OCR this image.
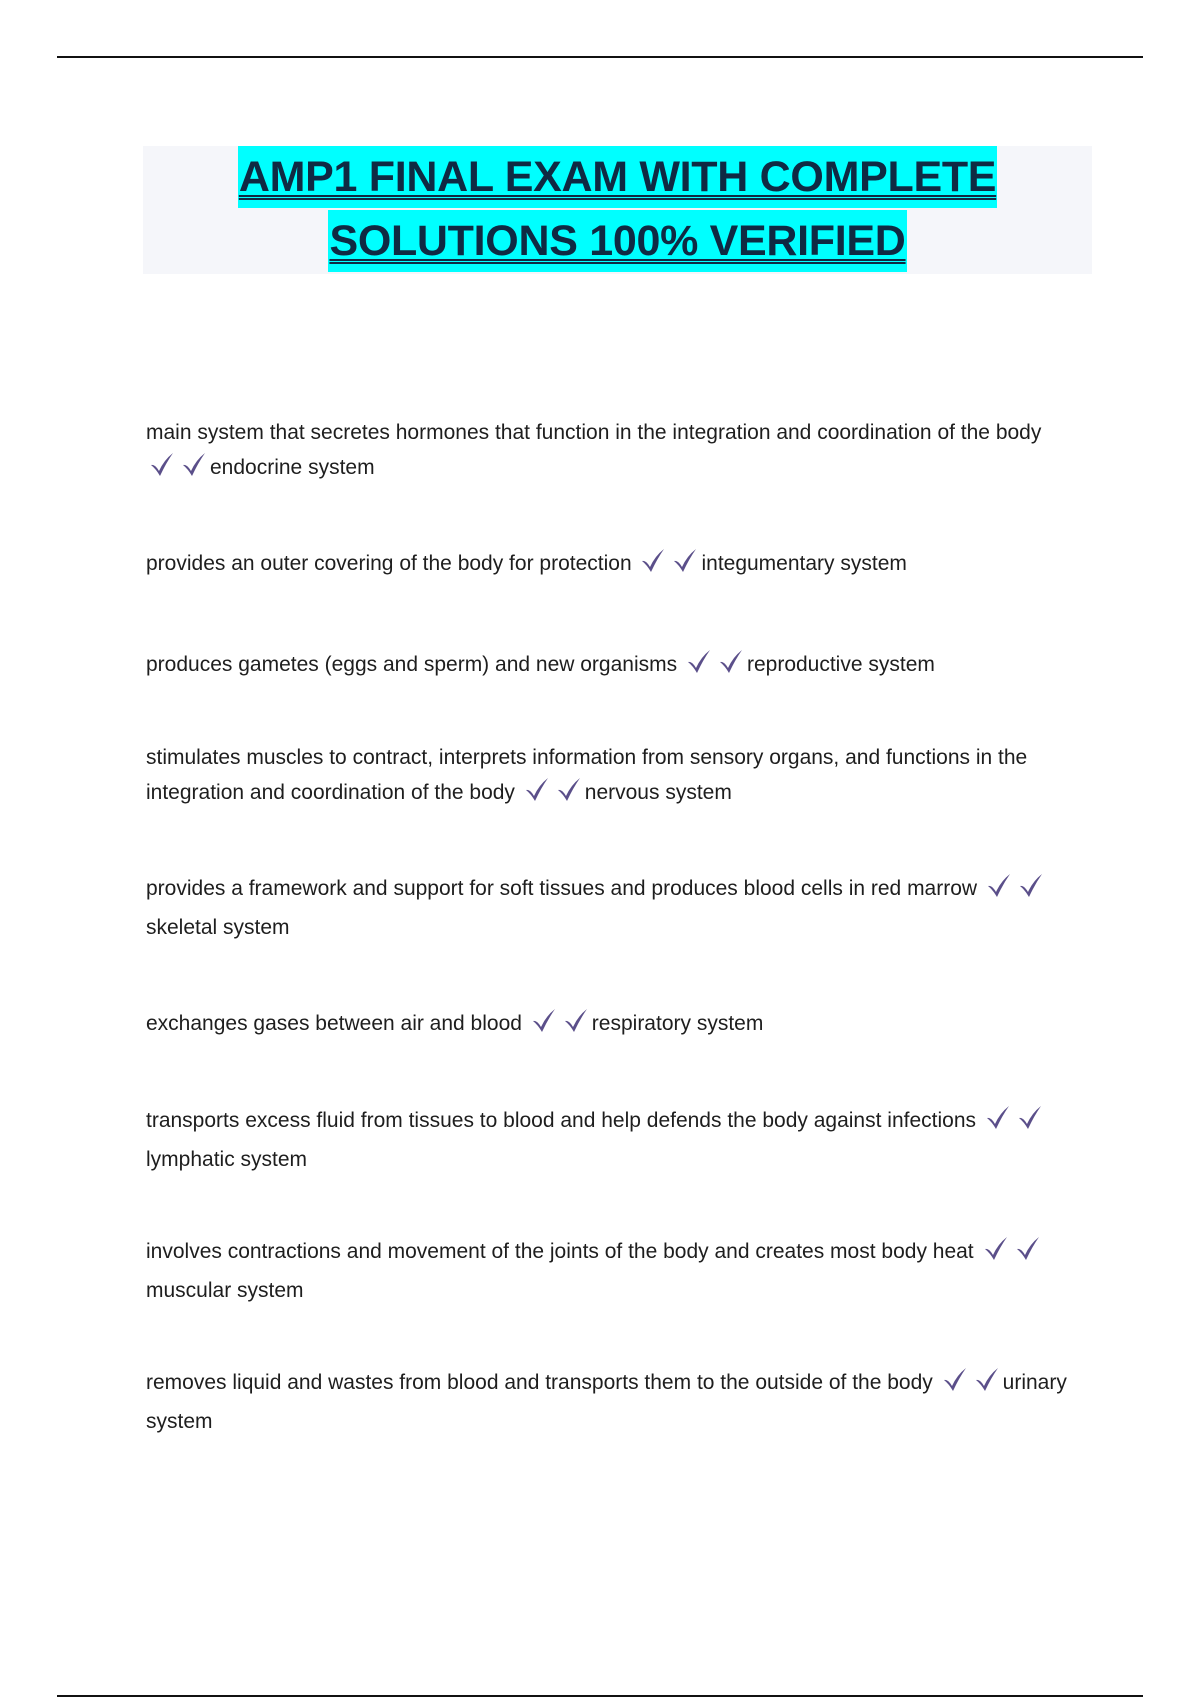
AMP1 FINAL EXAM WITH COMPLETE
SOLUTIONS 100% VERIFIED
main system that secretes hormones that function in the integration and coordination of the body
endocrine system
provides an outer covering of the body for protection	integumentary system
produces gametes (eggs and sperm) and new organisms	reproductive system
stimulates muscles to contract, interprets information from sensory organs, and functions in the integration and coordination of the body	nervous system
provides a framework and support for soft tissues and produces blood cells in red marrow
skeletal system
exchanges gases between air and blood	respiratory system
transports excess fluid from tissues to blood and help defends the body against infections
lymphatic system
involves contractions and movement of the joints of the body and creates most body heat
muscular system
removes liquid and wastes from blood and transports them to the outside of the body	urinary system
